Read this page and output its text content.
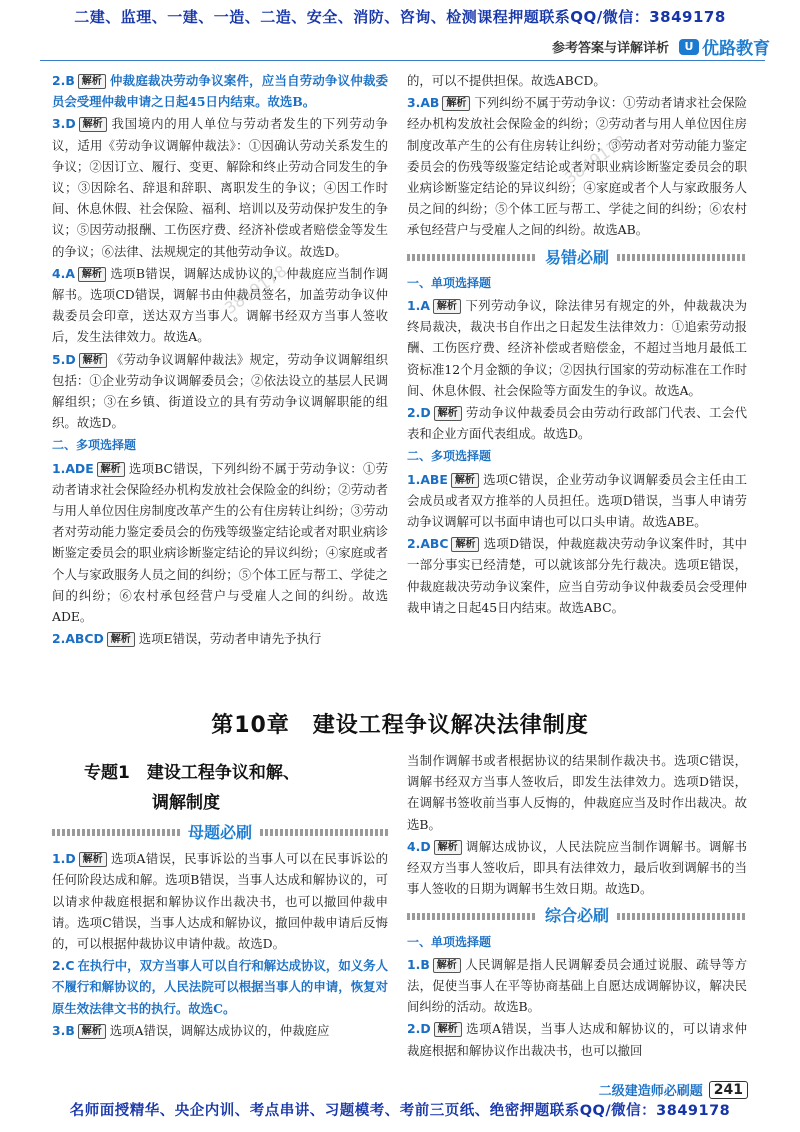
二建、监理、一建、一造、二造、安全、消防、咨询、检测课程押题联系QQ/微信：3849178
参考答案与详解详析	U 优路教育
2.B 解析 仲裁庭裁决劳动争议案件，应当自劳动争议仲裁委员会受理仲裁申请之日起45日内结束。故选B。
3.D 解析 我国境内的用人单位与劳动者发生的下列劳动争议，适用《劳动争议调解仲裁法》：①因确认劳动关系发生的争议；②因订立、履行、变更、解除和终止劳动合同发生的争议；③因除名、辞退和辞职、离职发生的争议；④因工作时间、休息休假、社会保险、福利、培训以及劳动保护发生的争议；⑤因劳动报酬、工伤医疗费、经济补偿或者赔偿金等发生的争议；⑥法律、法规规定的其他劳动争议。故选D。
4.A 解析 选项B错误，调解达成协议的，仲裁庭应当制作调解书。选项CD错误，调解书由仲裁员签名，加盖劳动争议仲裁委员会印章，送达双方当事人。调解书经双方当事人签收后，发生法律效力。故选A。
5.D 解析 《劳动争议调解仲裁法》规定，劳动争议调解组织包括：①企业劳动争议调解委员会；②依法设立的基层人民调解组织；③在乡镇、街道设立的具有劳动争议调解职能的组织。故选D。
二、多项选择题
1.ADE 解析 选项BC错误，下列纠纷不属于劳动争议：①劳动者请求社会保险经办机构发放社会保险金的纠纷；②劳动者与用人单位因住房制度改革产生的公有住房转让纠纷；③劳动者对劳动能力鉴定委员会的伤残等级鉴定结论或者对职业病诊断鉴定委员会的职业病诊断鉴定结论的异议纠纷；④家庭或者个人与家政服务人员之间的纠纷；⑤个体工匠与帮工、学徒之间的纠纷；⑥农村承包经营户与受雇人之间的纠纷。故选ADE。
2.ABCD 解析 选项E错误，劳动者申请先予执行
的，可以不提供担保。故选ABCD。
3.AB 解析 下列纠纷不属于劳动争议：①劳动者请求社会保险经办机构发放社会保险金的纠纷；②劳动者与用人单位因住房制度改革产生的公有住房转让纠纷；③劳动者对劳动能力鉴定委员会的伤残等级鉴定结论或者对职业病诊断鉴定委员会的职业病诊断鉴定结论的异议纠纷；④家庭或者个人与家政服务人员之间的纠纷；⑤个体工匠与帮工、学徒之间的纠纷；⑥农村承包经营户与受雇人之间的纠纷。故选AB。
易错必刷
一、单项选择题
1.A 解析 下列劳动争议，除法律另有规定的外，仲裁裁决为终局裁决，裁决书自作出之日起发生法律效力：①追索劳动报酬、工伤医疗费、经济补偿或者赔偿金，不超过当地月最低工资标准12个月金额的争议；②因执行国家的劳动标准在工作时间、休息休假、社会保险等方面发生的争议。故选A。
2.D 解析 劳动争议仲裁委员会由劳动行政部门代表、工会代表和企业方面代表组成。故选D。
二、多项选择题
1.ABE 解析 选项C错误，企业劳动争议调解委员会主任由工会成员或者双方推举的人员担任。选项D错误，当事人申请劳动争议调解可以书面申请也可以口头申请。故选ABE。
2.ABC 解析 选项D错误，仲裁庭裁决劳动争议案件时，其中一部分事实已经清楚，可以就该部分先行裁决。选项E错误，仲裁庭裁决劳动争议案件，应当自劳动争议仲裁委员会受理仲裁申请之日起45日内结束。故选ABC。
第10章　建设工程争议解决法律制度
专题1　建设工程争议和解、
调解制度
母题必刷
1.D 解析 选项A错误，民事诉讼的当事人可以在民事诉讼的任何阶段达成和解。选项B错误，当事人达成和解协议的，可以请求仲裁庭根据和解协议作出裁决书，也可以撤回仲裁申请。选项C错误，当事人达成和解协议，撤回仲裁申请后反悔的，可以根据仲裁协议申请仲裁。故选D。
2.C 在执行中，双方当事人可以自行和解达成协议，如义务人不履行和解协议的，人民法院可以根据当事人的申请，恢复对原生效法律文书的执行。故选C。
3.B 解析 选项A错误，调解达成协议的，仲裁庭应
当制作调解书或者根据协议的结果制作裁决书。选项C错误，调解书经双方当事人签收后，即发生法律效力。选项D错误，在调解书签收前当事人反悔的，仲裁庭应当及时作出裁决。故选B。
4.D 解析 调解达成协议，人民法院应当制作调解书。调解书经双方当事人签收后，即具有法律效力，最后收到调解书的当事人签收的日期为调解书生效日期。故选D。
综合必刷
一、单项选择题
1.B 解析 人民调解是指人民调解委员会通过说服、疏导等方法，促使当事人在平等协商基础上自愿达成调解协议，解决民间纠纷的活动。故选B。
2.D 解析 选项A错误，当事人达成和解协议的，可以请求仲裁庭根据和解协议作出裁决书，也可以撤回
二级建造师必刷题 241
名师面授精华、央企内训、考点串讲、习题模考、考前三页纸、绝密押题联系QQ/微信：3849178
3849178
3849178
